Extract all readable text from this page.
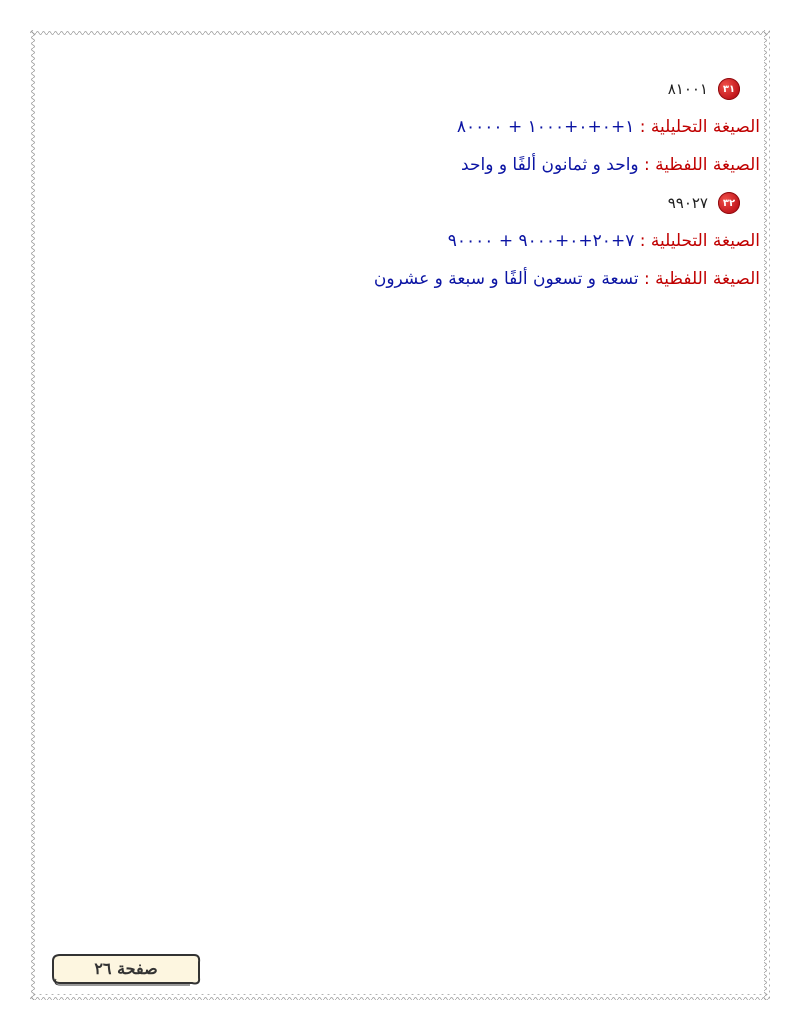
٣١
٨١٠٠١
الصيغة التحليلية : ١+٠+٠+١٠٠٠ + ٨٠٠٠٠
الصيغة اللفظية : واحد و ثمانون ألفًا و واحد
٣٢
٩٩٠٢٧
الصيغة التحليلية : ٧+٢٠+٠+٩٠٠٠ + ٩٠٠٠٠
الصيغة اللفظية : تسعة و تسعون ألفًا و سبعة و عشرون
صفحة ٢٦
